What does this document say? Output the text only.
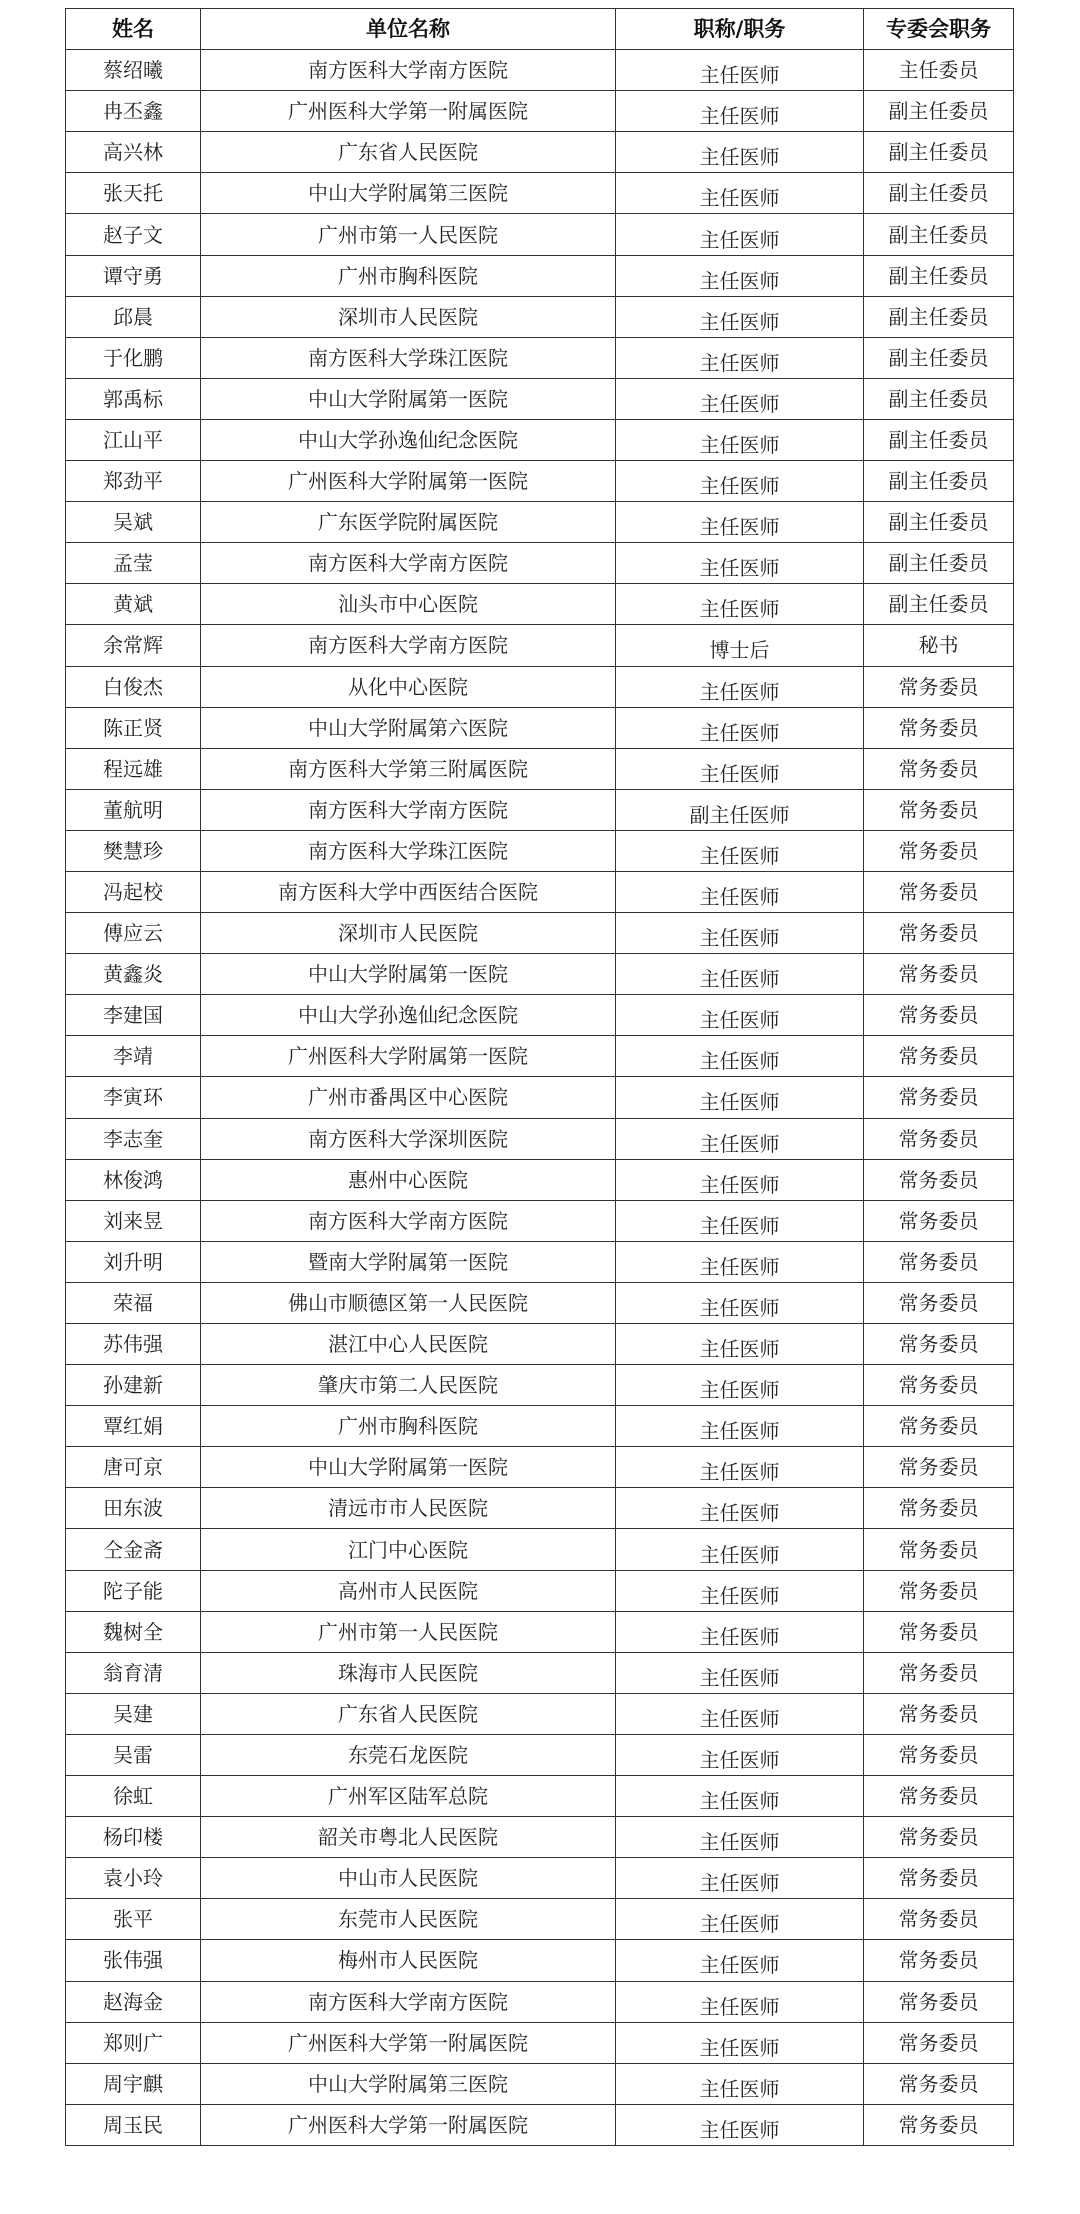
姓名	单位名称	职称/职务	专委会职务
蔡绍曦	南方医科大学南方医院	主任医师	主任委员
冉丕鑫	广州医科大学第一附属医院	主任医师	副主任委员
高兴林	广东省人民医院	主任医师	副主任委员
张天托	中山大学附属第三医院	主任医师	副主任委员
赵子文	广州市第一人民医院	主任医师	副主任委员
谭守勇	广州市胸科医院	主任医师	副主任委员
邱晨	深圳市人民医院	主任医师	副主任委员
于化鹏	南方医科大学珠江医院	主任医师	副主任委员
郭禹标	中山大学附属第一医院	主任医师	副主任委员
江山平	中山大学孙逸仙纪念医院	主任医师	副主任委员
郑劲平	广州医科大学附属第一医院	主任医师	副主任委员
吴斌	广东医学院附属医院	主任医师	副主任委员
孟莹	南方医科大学南方医院	主任医师	副主任委员
黄斌	汕头市中心医院	主任医师	副主任委员
余常辉	南方医科大学南方医院	博士后	秘书
白俊杰	从化中心医院	主任医师	常务委员
陈正贤	中山大学附属第六医院	主任医师	常务委员
程远雄	南方医科大学第三附属医院	主任医师	常务委员
董航明	南方医科大学南方医院	副主任医师	常务委员
樊慧珍	南方医科大学珠江医院	主任医师	常务委员
冯起校	南方医科大学中西医结合医院	主任医师	常务委员
傅应云	深圳市人民医院	主任医师	常务委员
黄鑫炎	中山大学附属第一医院	主任医师	常务委员
李建国	中山大学孙逸仙纪念医院	主任医师	常务委员
李靖	广州医科大学附属第一医院	主任医师	常务委员
李寅环	广州市番禺区中心医院	主任医师	常务委员
李志奎	南方医科大学深圳医院	主任医师	常务委员
林俊鸿	惠州中心医院	主任医师	常务委员
刘来昱	南方医科大学南方医院	主任医师	常务委员
刘升明	暨南大学附属第一医院	主任医师	常务委员
荣福	佛山市顺德区第一人民医院	主任医师	常务委员
苏伟强	湛江中心人民医院	主任医师	常务委员
孙建新	肇庆市第二人民医院	主任医师	常务委员
覃红娟	广州市胸科医院	主任医师	常务委员
唐可京	中山大学附属第一医院	主任医师	常务委员
田东波	清远市市人民医院	主任医师	常务委员
仝金斋	江门中心医院	主任医师	常务委员
陀子能	高州市人民医院	主任医师	常务委员
魏树全	广州市第一人民医院	主任医师	常务委员
翁育清	珠海市人民医院	主任医师	常务委员
吴建	广东省人民医院	主任医师	常务委员
吴雷	东莞石龙医院	主任医师	常务委员
徐虹	广州军区陆军总院	主任医师	常务委员
杨印楼	韶关市粤北人民医院	主任医师	常务委员
袁小玲	中山市人民医院	主任医师	常务委员
张平	东莞市人民医院	主任医师	常务委员
张伟强	梅州市人民医院	主任医师	常务委员
赵海金	南方医科大学南方医院	主任医师	常务委员
郑则广	广州医科大学第一附属医院	主任医师	常务委员
周宇麒	中山大学附属第三医院	主任医师	常务委员
周玉民	广州医科大学第一附属医院	主任医师	常务委员
